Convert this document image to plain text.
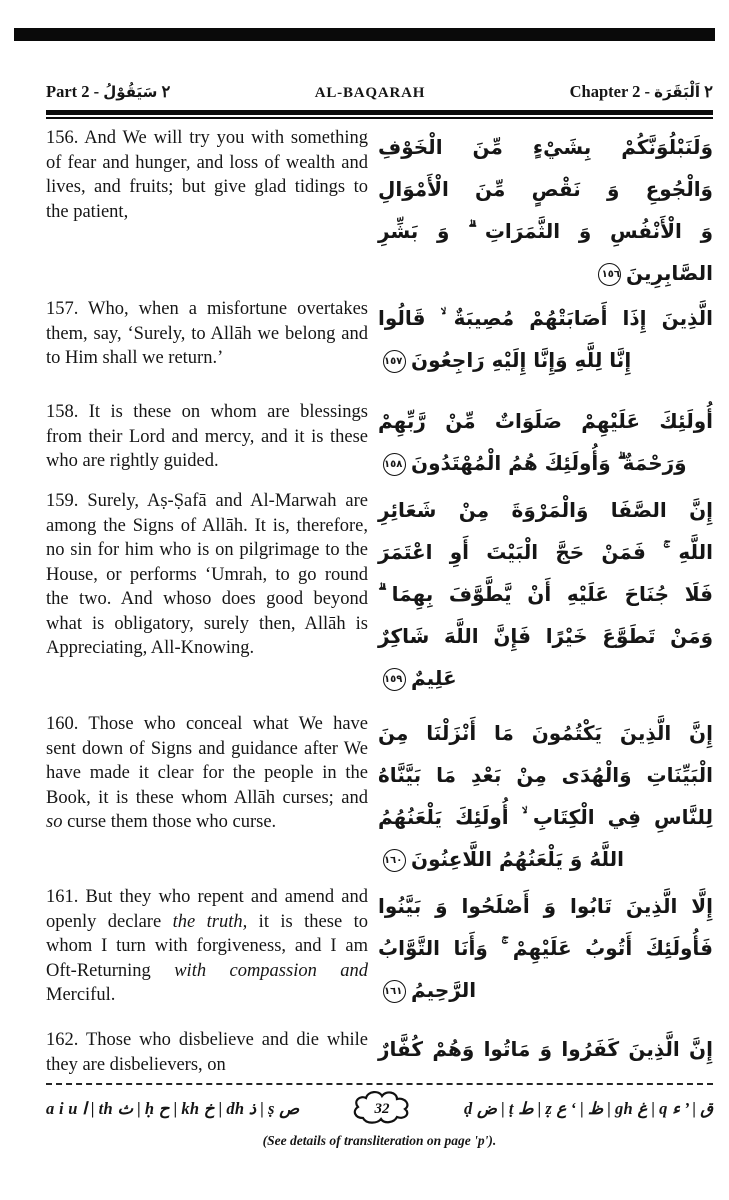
Part 2 - ٢ سَيَقُوْلُ	AL-BAQARAH	Chapter 2 - ٢ اَلْبَقَرَة
156. And We will try you with something of fear and hunger, and loss of wealth and lives, and fruits; but give glad tidings to the patient,
وَلَنَبْلُوَنَّكُمْ بِشَيْءٍ مِّنَ الْخَوْفِ
وَالْجُوعِ وَ نَقْصٍ مِّنَ الْأَمْوَالِ
وَ الْأَنْفُسِ وَ الثَّمَرَاتِ ۗ وَ بَشِّرِ
الصَّابِرِينَ١٥٦
157. Who, when a misfortune overtakes them, say, ‘Surely, to Allāh we belong and to Him shall we return.’
الَّذِينَ إِذَا أَصَابَتْهُمْ مُصِيبَةٌ ۙ قَالُوا
إِنَّا لِلَّهِ وَإِنَّا إِلَيْهِ رَاجِعُونَ١٥٧
158. It is these on whom are blessings from their Lord and mercy, and it is these who are rightly guided.
أُولَئِكَ عَلَيْهِمْ صَلَوَاتٌ مِّنْ رَّبِّهِمْ
وَرَحْمَةٌ ۗ وَأُولَئِكَ هُمُ الْمُهْتَدُونَ١٥٨
159. Surely, Aṣ-Ṣafā and Al-Marwah are among the Signs of Allāh. It is, therefore, no sin for him who is on pilgrimage to the House, or performs ‘Umrah, to go round the two. And whoso does good beyond what is obligatory, surely then, Allāh is Appreciating, All-Knowing.
إِنَّ الصَّفَا وَالْمَرْوَةَ مِنْ شَعَائِرِ
اللَّهِ ۚ فَمَنْ حَجَّ الْبَيْتَ أَوِ اعْتَمَرَ
فَلَا جُنَاحَ عَلَيْهِ أَنْ يَّطَّوَّفَ بِهِمَا ۗ
وَمَنْ تَطَوَّعَ خَيْرًا فَإِنَّ اللَّهَ شَاكِرٌ
عَلِيمٌ١٥٩
160. Those who conceal what We have sent down of Signs and guidance after We have made it clear for the people in the Book, it is these whom Allāh curses; and so curse them those who curse.
إِنَّ الَّذِينَ يَكْتُمُونَ مَا أَنْزَلْنَا مِنَ
الْبَيِّنَاتِ وَالْهُدَى مِنْ بَعْدِ مَا بَيَّنَّاهُ
لِلنَّاسِ فِي الْكِتَابِ ۙ أُولَئِكَ يَلْعَنُهُمُ
اللَّهُ وَ يَلْعَنُهُمُ اللَّاعِنُونَ١٦٠
161. But they who repent and amend and openly declare the truth, it is these to whom I turn with forgiveness, and I am Oft-Returning with compassion and Merciful.
إِلَّا الَّذِينَ تَابُوا وَ أَصْلَحُوا وَ بَيَّنُوا
فَأُولَئِكَ أَتُوبُ عَلَيْهِمْ ۚ وَأَنَا التَّوَّابُ
الرَّحِيمُ١٦١
162. Those who disbelieve and die while they are disbelievers, on
إِنَّ الَّذِينَ كَفَرُوا وَ مَاتُوا وَهُمْ كُفَّارٌ
a i u ا | th ث | ḥ ح | kh خ | dh ذ | ṣ ص	32	ḍ ض | ṭ ط | ẓ ظ | ‘ ع | gh غ | q ق | ’ ء
(See details of transliteration on page 'p').
